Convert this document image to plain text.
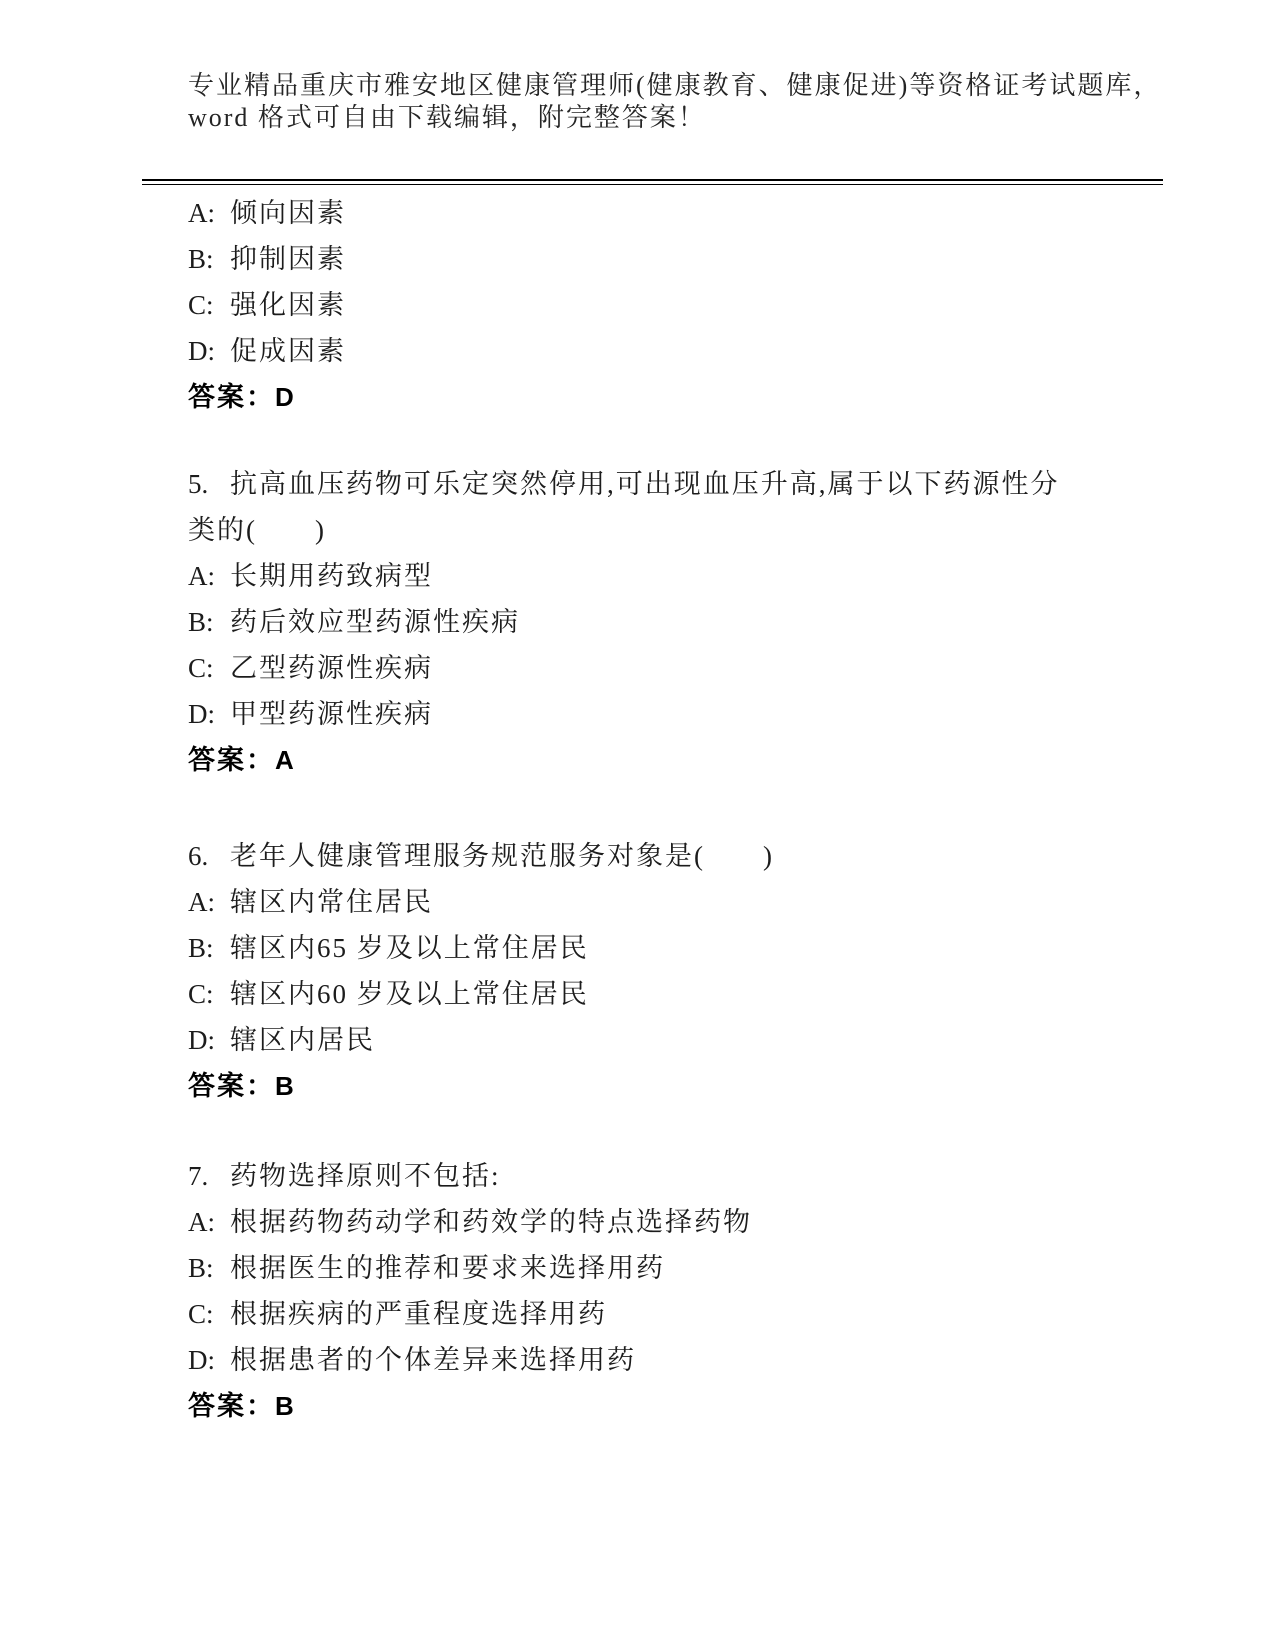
专业精品重庆市雅安地区健康管理师(健康教育、健康促进)等资格证考试题库，
word 格式可自由下载编辑，附完整答案！
A: 倾向因素
B: 抑制因素
C: 强化因素
D: 促成因素
答案：D
5. 抗高血压药物可乐定突然停用,可出现血压升高,属于以下药源性分
类的(　　)
A: 长期用药致病型
B: 药后效应型药源性疾病
C: 乙型药源性疾病
D: 甲型药源性疾病
答案：A
6. 老年人健康管理服务规范服务对象是(　　)
A: 辖区内常住居民
B: 辖区内65 岁及以上常住居民
C: 辖区内60 岁及以上常住居民
D: 辖区内居民
答案：B
7. 药物选择原则不包括:
A: 根据药物药动学和药效学的特点选择药物
B: 根据医生的推荐和要求来选择用药
C: 根据疾病的严重程度选择用药
D: 根据患者的个体差异来选择用药
答案：B
